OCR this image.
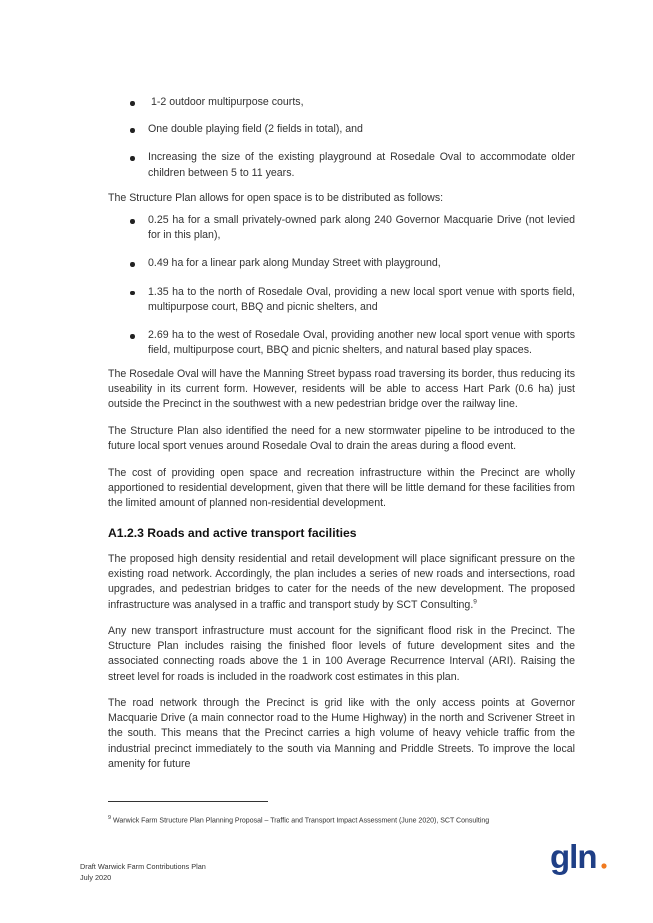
1-2 outdoor multipurpose courts,
One double playing field (2 fields in total), and
Increasing the size of the existing playground at Rosedale Oval to accommodate older children between 5 to 11 years.

The Structure Plan allows for open space is to be distributed as follows:

0.25 ha for a small privately-owned park along 240 Governor Macquarie Drive (not levied for in this plan),
0.49 ha for a linear park along Munday Street with playground,
1.35 ha to the north of Rosedale Oval, providing a new local sport venue with sports field, multipurpose court, BBQ and picnic shelters, and
2.69 ha to the west of Rosedale Oval, providing another new local sport venue with sports field, multipurpose court, BBQ and picnic shelters, and natural based play spaces.

The Rosedale Oval will have the Manning Street bypass road traversing its border, thus reducing its useability in its current form. However, residents will be able to access Hart Park (0.6 ha) just outside the Precinct in the southwest with a new pedestrian bridge over the railway line.

The Structure Plan also identified the need for a new stormwater pipeline to be introduced to the future local sport venues around Rosedale Oval to drain the areas during a flood event.

The cost of providing open space and recreation infrastructure within the Precinct are wholly apportioned to residential development, given that there will be little demand for these facilities from the limited amount of planned non-residential development.

A1.2.3 Roads and active transport facilities

The proposed high density residential and retail development will place significant pressure on the existing road network. Accordingly, the plan includes a series of new roads and intersections, road upgrades, and pedestrian bridges to cater for the needs of the new development. The proposed infrastructure was analysed in a traffic and transport study by SCT Consulting.$^9$

Any new transport infrastructure must account for the significant flood risk in the Precinct. The Structure Plan includes raising the finished floor levels of future development sites and the associated connecting roads above the 1 in 100 Average Recurrence Interval (ARI). Raising the street level for roads is included in the roadwork cost estimates in this plan.

The road network through the Precinct is grid like with the only access points at Governor Macquarie Drive (a main connector road to the Hume Highway) in the north and Scrivener Street in the south. This means that the Precinct carries a high volume of heavy vehicle traffic from the industrial precinct immediately to the south via Manning and Priddle Streets. To improve the local amenity for future

$^9$ Warwick Farm Structure Plan Planning Proposal – Traffic and Transport Impact Assessment (June 2020), SCT Consulting
Draft Warwick Farm Contributions Plan
July 2020
gln
